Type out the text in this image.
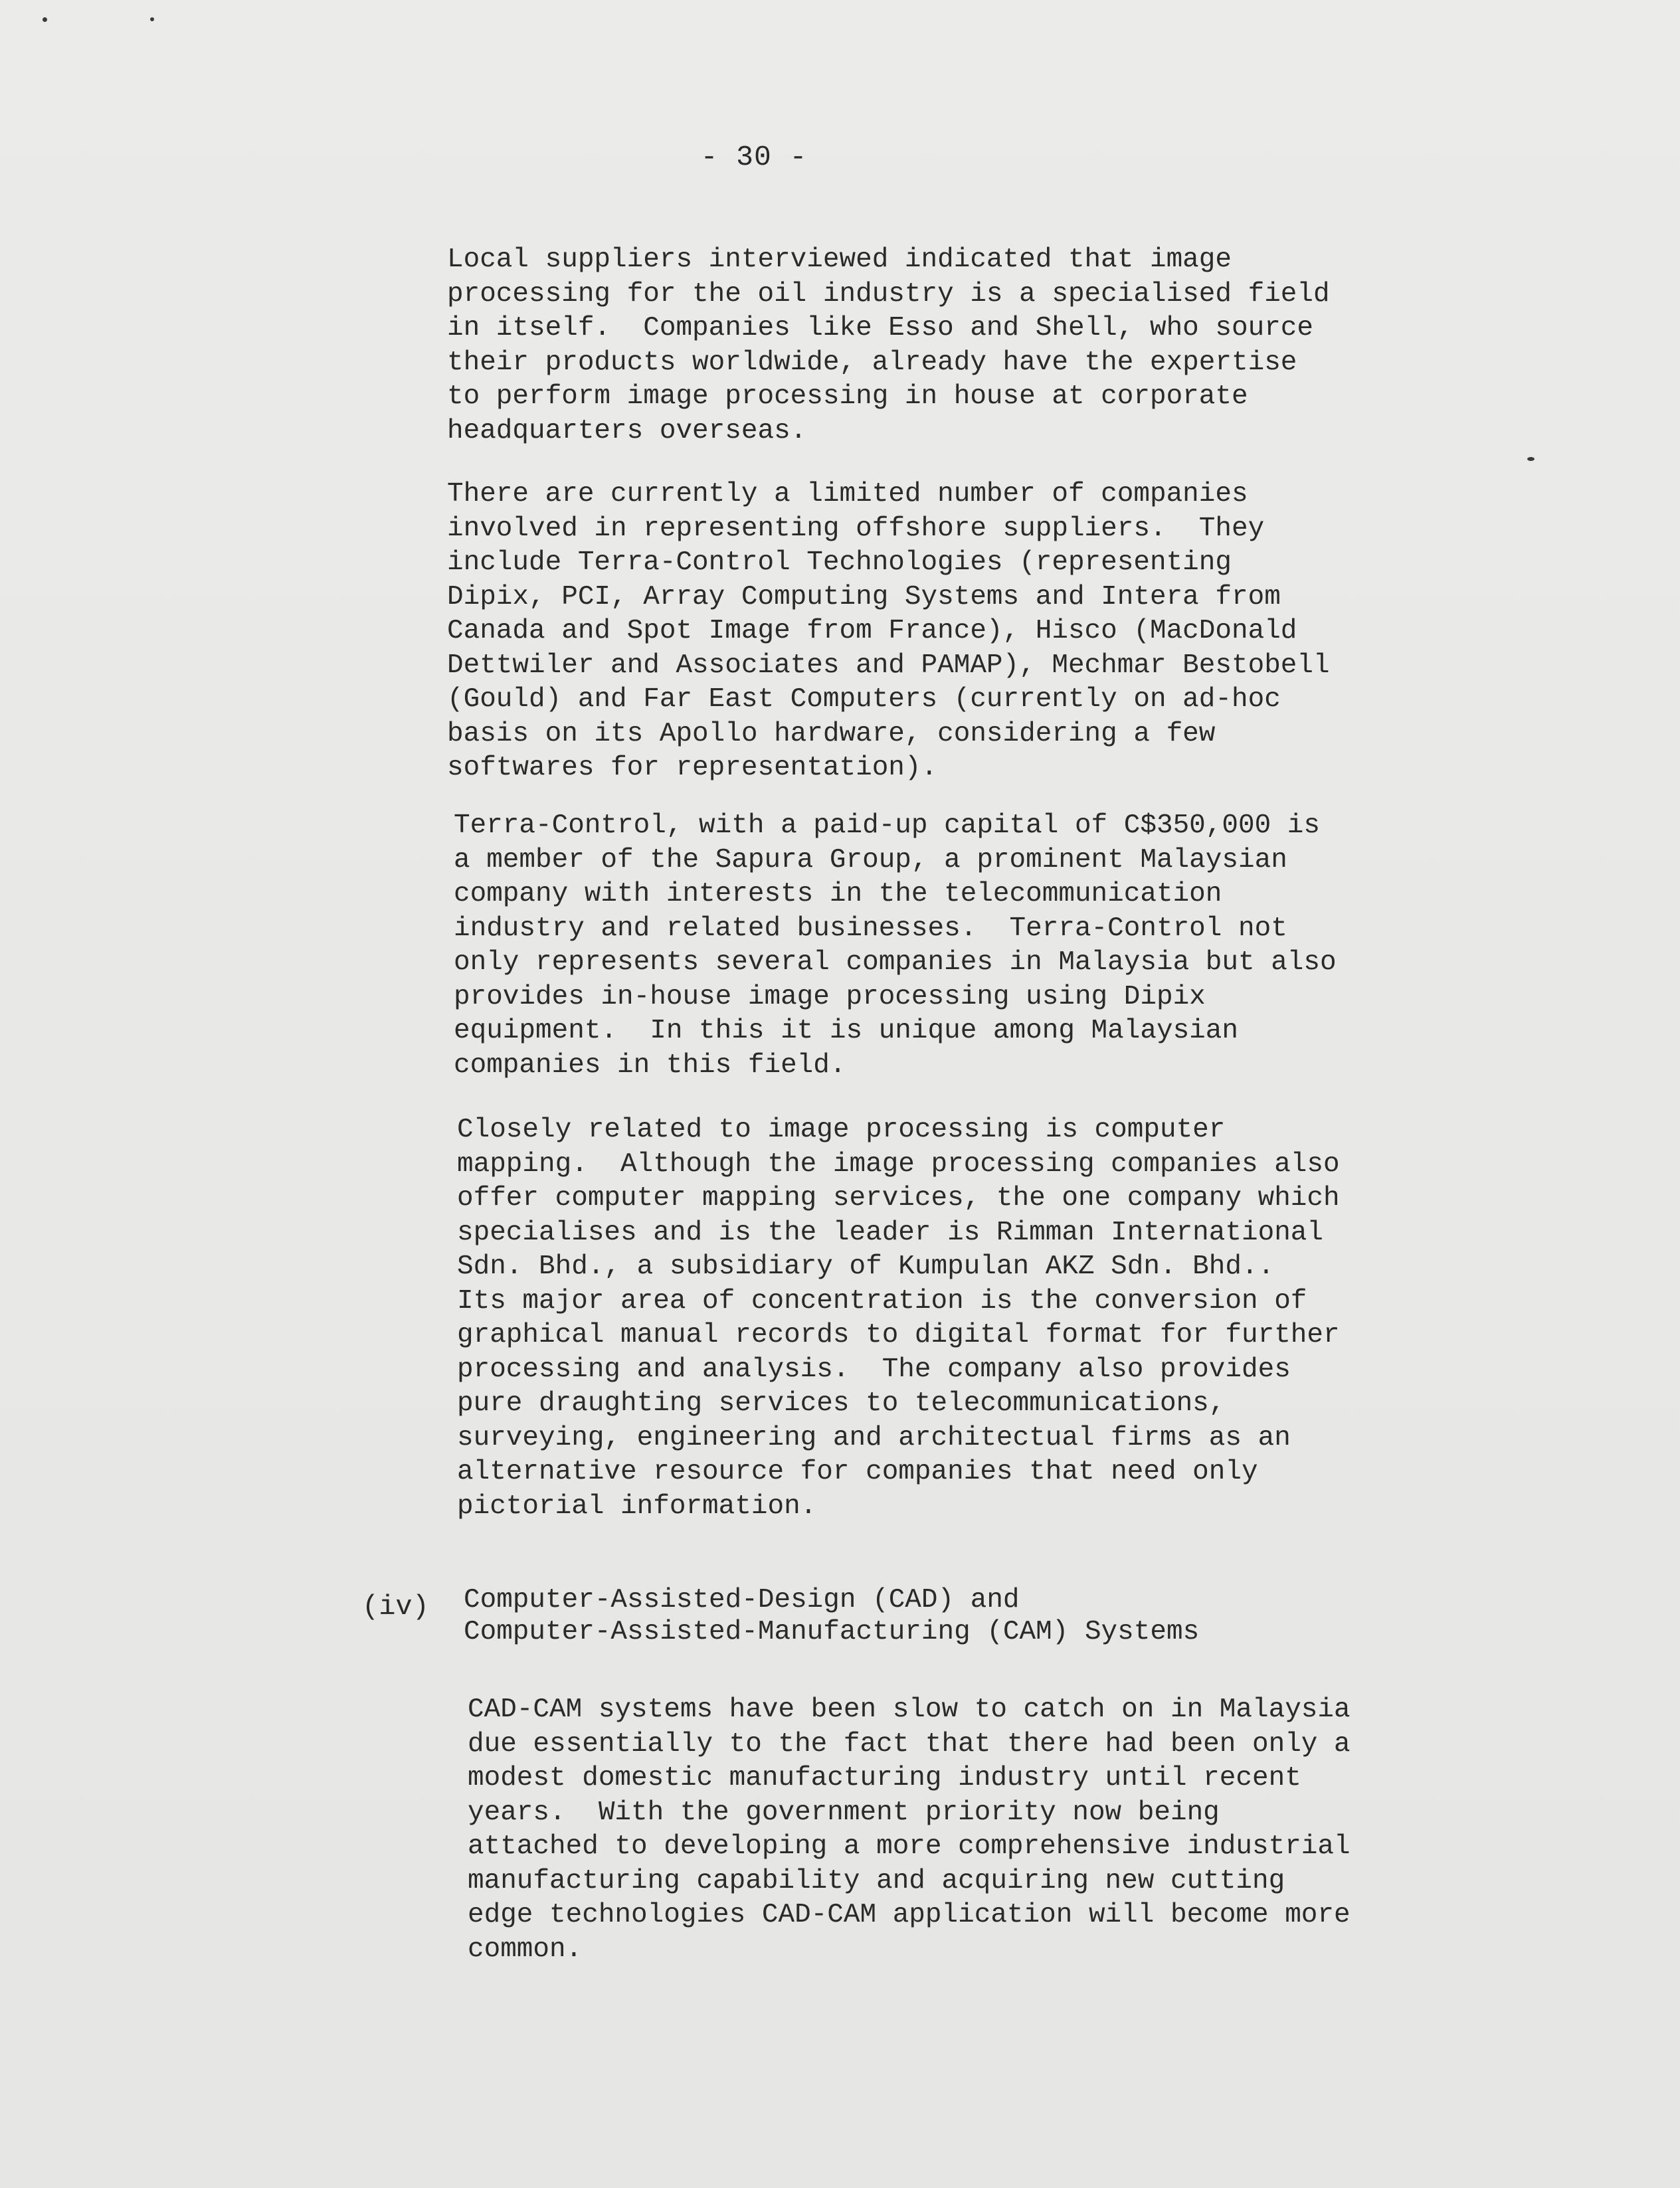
- 30 -

Local suppliers interviewed indicated that image
processing for the oil industry is a specialised field
in itself.  Companies like Esso and Shell, who source
their products worldwide, already have the expertise
to perform image processing in house at corporate
headquarters overseas.

There are currently a limited number of companies
involved in representing offshore suppliers.  They
include Terra-Control Technologies (representing
Dipix, PCI, Array Computing Systems and Intera from
Canada and Spot Image from France), Hisco (MacDonald
Dettwiler and Associates and PAMAP), Mechmar Bestobell
(Gould) and Far East Computers (currently on ad-hoc
basis on its Apollo hardware, considering a few
softwares for representation).

Terra-Control, with a paid-up capital of C$350,000 is
a member of the Sapura Group, a prominent Malaysian
company with interests in the telecommunication
industry and related businesses.  Terra-Control not
only represents several companies in Malaysia but also
provides in-house image processing using Dipix
equipment.  In this it is unique among Malaysian
companies in this field.

Closely related to image processing is computer
mapping.  Although the image processing companies also
offer computer mapping services, the one company which
specialises and is the leader is Rimman International
Sdn. Bhd., a subsidiary of Kumpulan AKZ Sdn. Bhd..
Its major area of concentration is the conversion of
graphical manual records to digital format for further
processing and analysis.  The company also provides
pure draughting services to telecommunications,
surveying, engineering and architectual firms as an
alternative resource for companies that need only
pictorial information.

(iv) Computer-Assisted-Design (CAD) and
Computer-Assisted-Manufacturing (CAM) Systems

CAD-CAM systems have been slow to catch on in Malaysia
due essentially to the fact that there had been only a
modest domestic manufacturing industry until recent
years.  With the government priority now being
attached to developing a more comprehensive industrial
manufacturing capability and acquiring new cutting
edge technologies CAD-CAM application will become more
common.
